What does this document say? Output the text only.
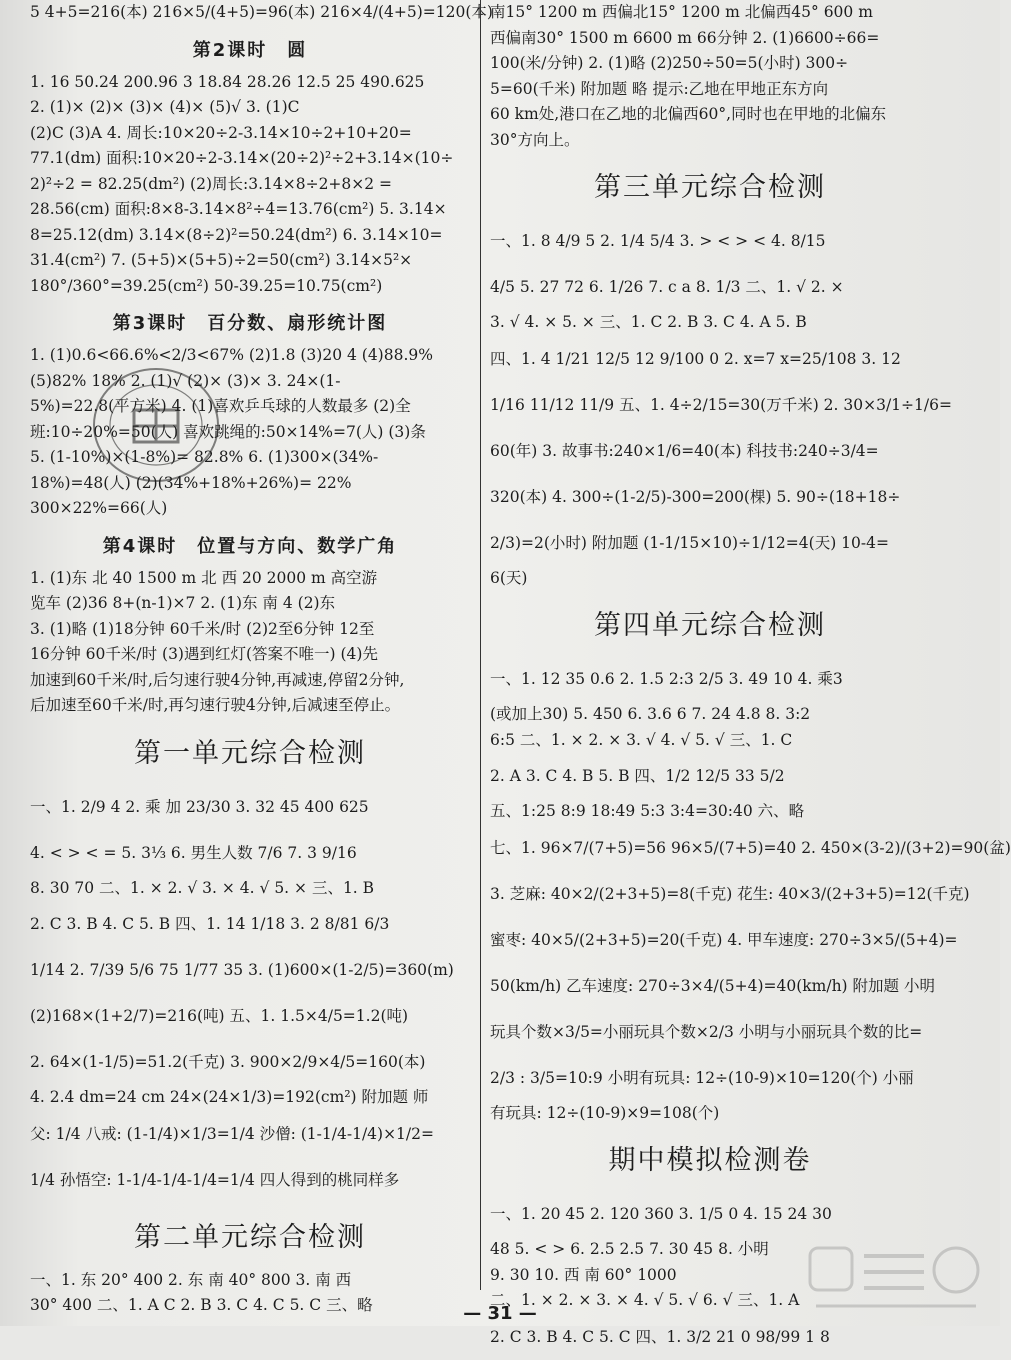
5 4+5=216(本) 216×5/(4+5)=96(本) 216×4/(4+5)=120(本)
第2课时　圆
1. 16 50.24 200.96 3 18.84 28.26 12.5 25 490.625
2. (1)× (2)× (3)× (4)× (5)√ 3. (1)C
(2)C (3)A 4. 周长:10×20÷2-3.14×10÷2+10+20=
77.1(dm) 面积:10×20÷2-3.14×(20÷2)²÷2+3.14×(10÷
2)²÷2 = 82.25(dm²) (2)周长:3.14×8÷2+8×2 =
28.56(cm) 面积:8×8-3.14×8²÷4=13.76(cm²) 5. 3.14×
8=25.12(dm) 3.14×(8÷2)²=50.24(dm²) 6. 3.14×10=
31.4(cm²) 7. (5+5)×(5+5)÷2=50(cm²) 3.14×5²×
180°/360°=39.25(cm²) 50-39.25=10.75(cm²)
第3课时　百分数、扇形统计图
1. (1)0.6<66.6%<2/3<67% (2)1.8 (3)20 4 (4)88.9%
(5)82% 18% 2. (1)√ (2)× (3)× 3. 24×(1-
5%)=22.8(平方米) 4. (1)喜欢乒乓球的人数最多 (2)全
班:10÷20%=50(人) 喜欢跳绳的:50×14%=7(人) (3)条
5. (1-10%)×(1-8%)= 82.8% 6. (1)300×(34%-
18%)=48(人) (2)(34%+18%+26%)= 22%
300×22%=66(人)
第4课时　位置与方向、数学广角
1. (1)东 北 40 1500 m 北 西 20 2000 m 高空游
览车 (2)36 8+(n-1)×7 2. (1)东 南 4 (2)东
3. (1)略 (1)18分钟 60千米/时 (2)2至6分钟 12至
16分钟 60千米/时 (3)遇到红灯(答案不唯一) (4)先
加速到60千米/时,后匀速行驶4分钟,再减速,停留2分钟,
后加速至60千米/时,再匀速行驶4分钟,后减速至停止。
第一单元综合检测
一、1. 2/9 4 2. 乘 加 23/30 3. 32 45 400 625
4. < > < = 5. 3⅓ 6. 男生人数 7/6 7. 3 9/16
8. 30 70 二、1. × 2. √ 3. × 4. √ 5. × 三、1. B
2. C 3. B 4. C 5. B 四、1. 14 1/18 3. 2 8/81 6/3
1/14 2. 7/39 5/6 75 1/77 35 3. (1)600×(1-2/5)=360(m)
(2)168×(1+2/7)=216(吨) 五、1. 1.5×4/5=1.2(吨)
2. 64×(1-1/5)=51.2(千克) 3. 900×2/9×4/5=160(本)
4. 2.4 dm=24 cm 24×(24×1/3)=192(cm²) 附加题 师
父: 1/4 八戒: (1-1/4)×1/3=1/4 沙僧: (1-1/4-1/4)×1/2=
1/4 孙悟空: 1-1/4-1/4-1/4=1/4 四人得到的桃同样多
第二单元综合检测
一、1. 东 20° 400 2. 东 南 40° 800 3. 南 西
30° 400 二、1. A C 2. B 3. C 4. C 5. C 三、略
南15° 1200 m 西偏北15° 1200 m 北偏西45° 600 m
西偏南30° 1500 m 6600 m 66分钟 2. (1)6600÷66=
100(米/分钟) 2. (1)略 (2)250÷50=5(小时) 300÷
5=60(千米) 附加题 略 提示:乙地在甲地正东方向
60 km处,港口在乙地的北偏西60°,同时也在甲地的北偏东
30°方向上。
第三单元综合检测
一、1. 8 4/9 5 2. 1/4 5/4 3. > < > < 4. 8/15
4/5 5. 27 72 6. 1/26 7. c a 8. 1/3 二、1. √ 2. ×
3. √ 4. × 5. × 三、1. C 2. B 3. C 4. A 5. B
四、1. 4 1/21 12/5 12 9/100 0 2. x=7 x=25/108 3. 12
1/16 11/12 11/9 五、1. 4÷2/15=30(万千米) 2. 30×3/1÷1/6=
60(年) 3. 故事书:240×1/6=40(本) 科技书:240÷3/4=
320(本) 4. 300÷(1-2/5)-300=200(棵) 5. 90÷(18+18÷
2/3)=2(小时) 附加题 (1-1/15×10)÷1/12=4(天) 10-4=
6(天)
第四单元综合检测
一、1. 12 35 0.6 2. 1.5 2:3 2/5 3. 49 10 4. 乘3
(或加上30) 5. 450 6. 3.6 6 7. 24 4.8 8. 3:2
6:5 二、1. × 2. × 3. √ 4. √ 5. √ 三、1. C
2. A 3. C 4. B 5. B 四、1/2 12/5 33 5/2
五、1:25 8:9 18:49 5:3 3:4=30:40 六、略
七、1. 96×7/(7+5)=56 96×5/(7+5)=40 2. 450×(3-2)/(3+2)=90(盆)
3. 芝麻: 40×2/(2+3+5)=8(千克) 花生: 40×3/(2+3+5)=12(千克)
蜜枣: 40×5/(2+3+5)=20(千克) 4. 甲车速度: 270÷3×5/(5+4)=
50(km/h) 乙车速度: 270÷3×4/(5+4)=40(km/h) 附加题 小明
玩具个数×3/5=小丽玩具个数×2/3 小明与小丽玩具个数的比=
2/3 : 3/5=10:9 小明有玩具: 12÷(10-9)×10=120(个) 小丽
有玩具: 12÷(10-9)×9=108(个)
期中模拟检测卷
一、1. 20 45 2. 120 360 3. 1/5 0 4. 15 24 30
48 5. < > 6. 2.5 2.5 7. 30 45 8. 小明
9. 30 10. 西 南 60° 1000
二、1. × 2. × 3. × 4. √ 5. √ 6. √ 三、1. A
2. C 3. B 4. C 5. C 四、1. 3/2 21 0 98/99 1 8
— 31 —
